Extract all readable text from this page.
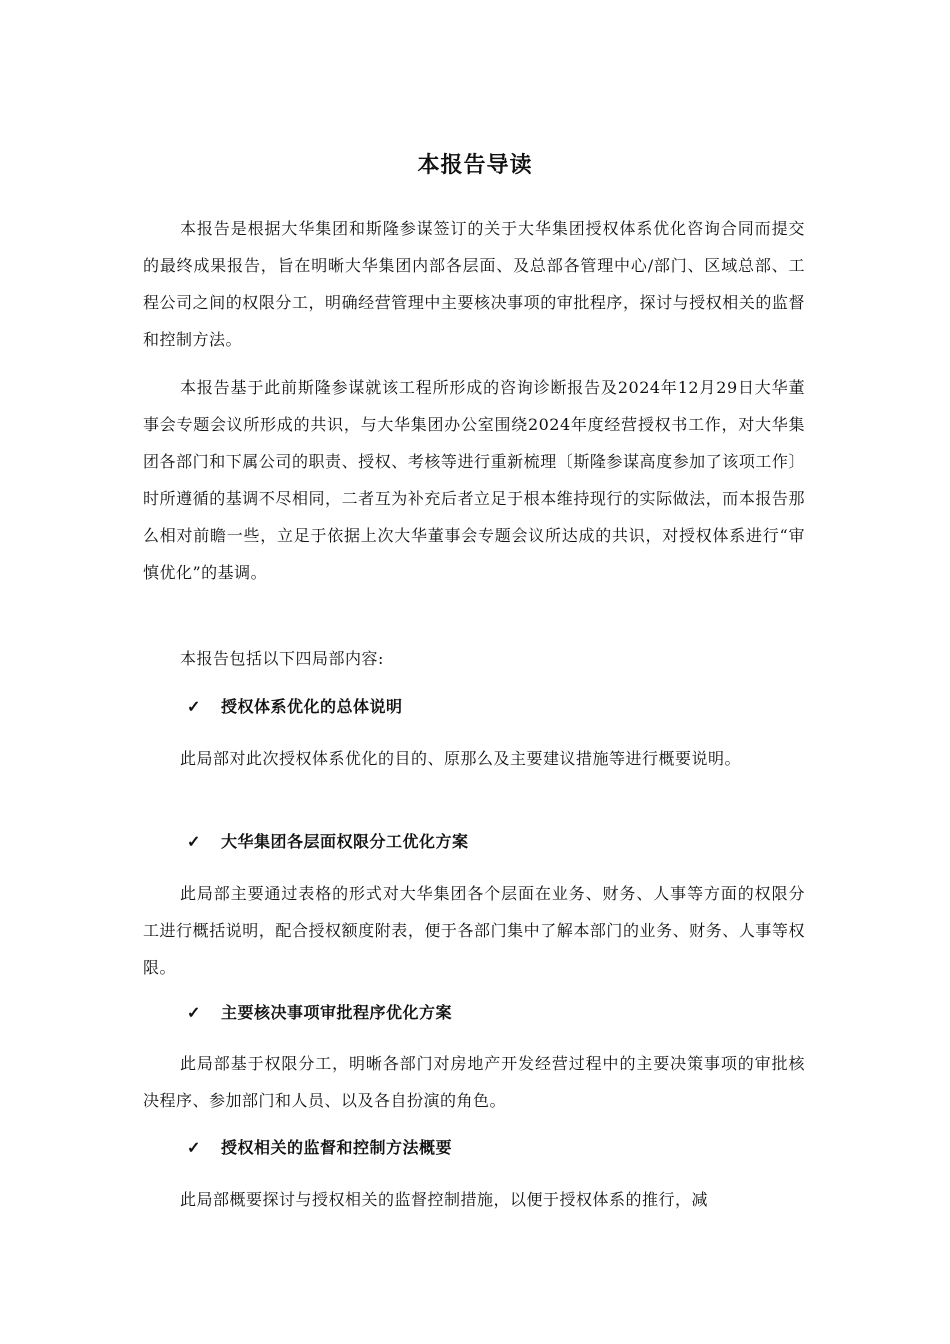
本报告导读

本报告是根据大华集团和斯隆参谋签订的关于大华集团授权体系优化咨询合同而提交的最终成果报告，旨在明晰大华集团内部各层面、及总部各管理中心/部门、区域总部、工程公司之间的权限分工，明确经营管理中主要核决事项的审批程序，探讨与授权相关的监督和控制方法。

本报告基于此前斯隆参谋就该工程所形成的咨询诊断报告及2024年12月29日大华董事会专题会议所形成的共识，与大华集团办公室围绕2024年度经营授权书工作，对大华集团各部门和下属公司的职责、授权、考核等进行重新梳理〔斯隆参谋高度参加了该项工作〕时所遵循的基调不尽相同，二者互为补充后者立足于根本维持现行的实际做法，而本报告那么相对前瞻一些，立足于依据上次大华董事会专题会议所达成的共识，对授权体系进行“审慎优化”的基调。

本报告包括以下四局部内容:

✓ 授权体系优化的总体说明

此局部对此次授权体系优化的目的、原那么及主要建议措施等进行概要说明。

✓ 大华集团各层面权限分工优化方案

此局部主要通过表格的形式对大华集团各个层面在业务、财务、人事等方面的权限分工进行概括说明，配合授权额度附表，便于各部门集中了解本部门的业务、财务、人事等权限。

✓ 主要核决事项审批程序优化方案

此局部基于权限分工，明晰各部门对房地产开发经营过程中的主要决策事项的审批核决程序、参加部门和人员、以及各自扮演的角色。

✓ 授权相关的监督和控制方法概要

此局部概要探讨与授权相关的监督控制措施，以便于授权体系的推行，减
